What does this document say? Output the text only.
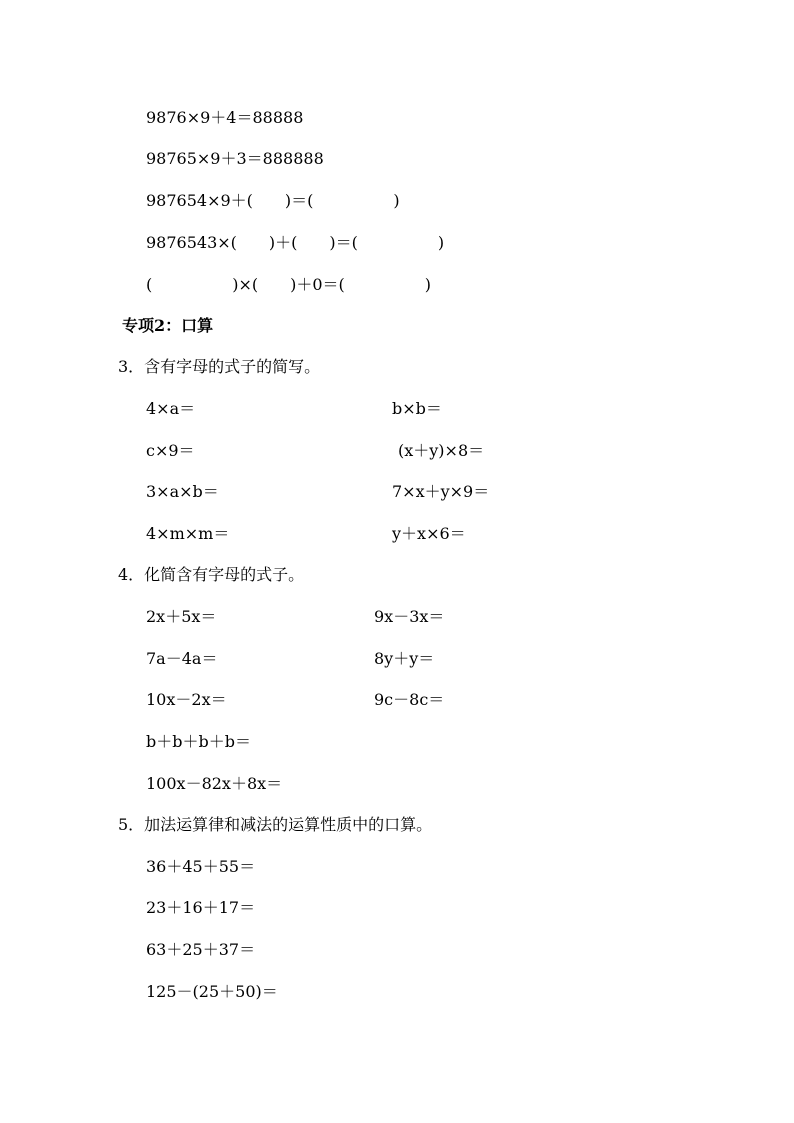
9876×9＋4＝88888
98765×9＋3＝888888
987654×9＋(　　)＝(　　　　　)
9876543×(　　)＋(　　)＝(　　　　　)
(　　　　　)×(　　)＋0＝(　　　　　)
专项2：口算
3．含有字母的式子的简写。
4×a＝	b×b＝
c×9＝	(x＋y)×8＝
3×a×b＝	7×x＋y×9＝
4×m×m＝	y＋x×6＝
4．化简含有字母的式子。
2x＋5x＝	9x－3x＝
7a－4a＝	8y＋y＝
10x－2x＝	9c－8c＝
b＋b＋b＋b＝
100x－82x＋8x＝
5．加法运算律和减法的运算性质中的口算。
36＋45＋55＝
23＋16＋17＝
63＋25＋37＝
125－(25＋50)＝
